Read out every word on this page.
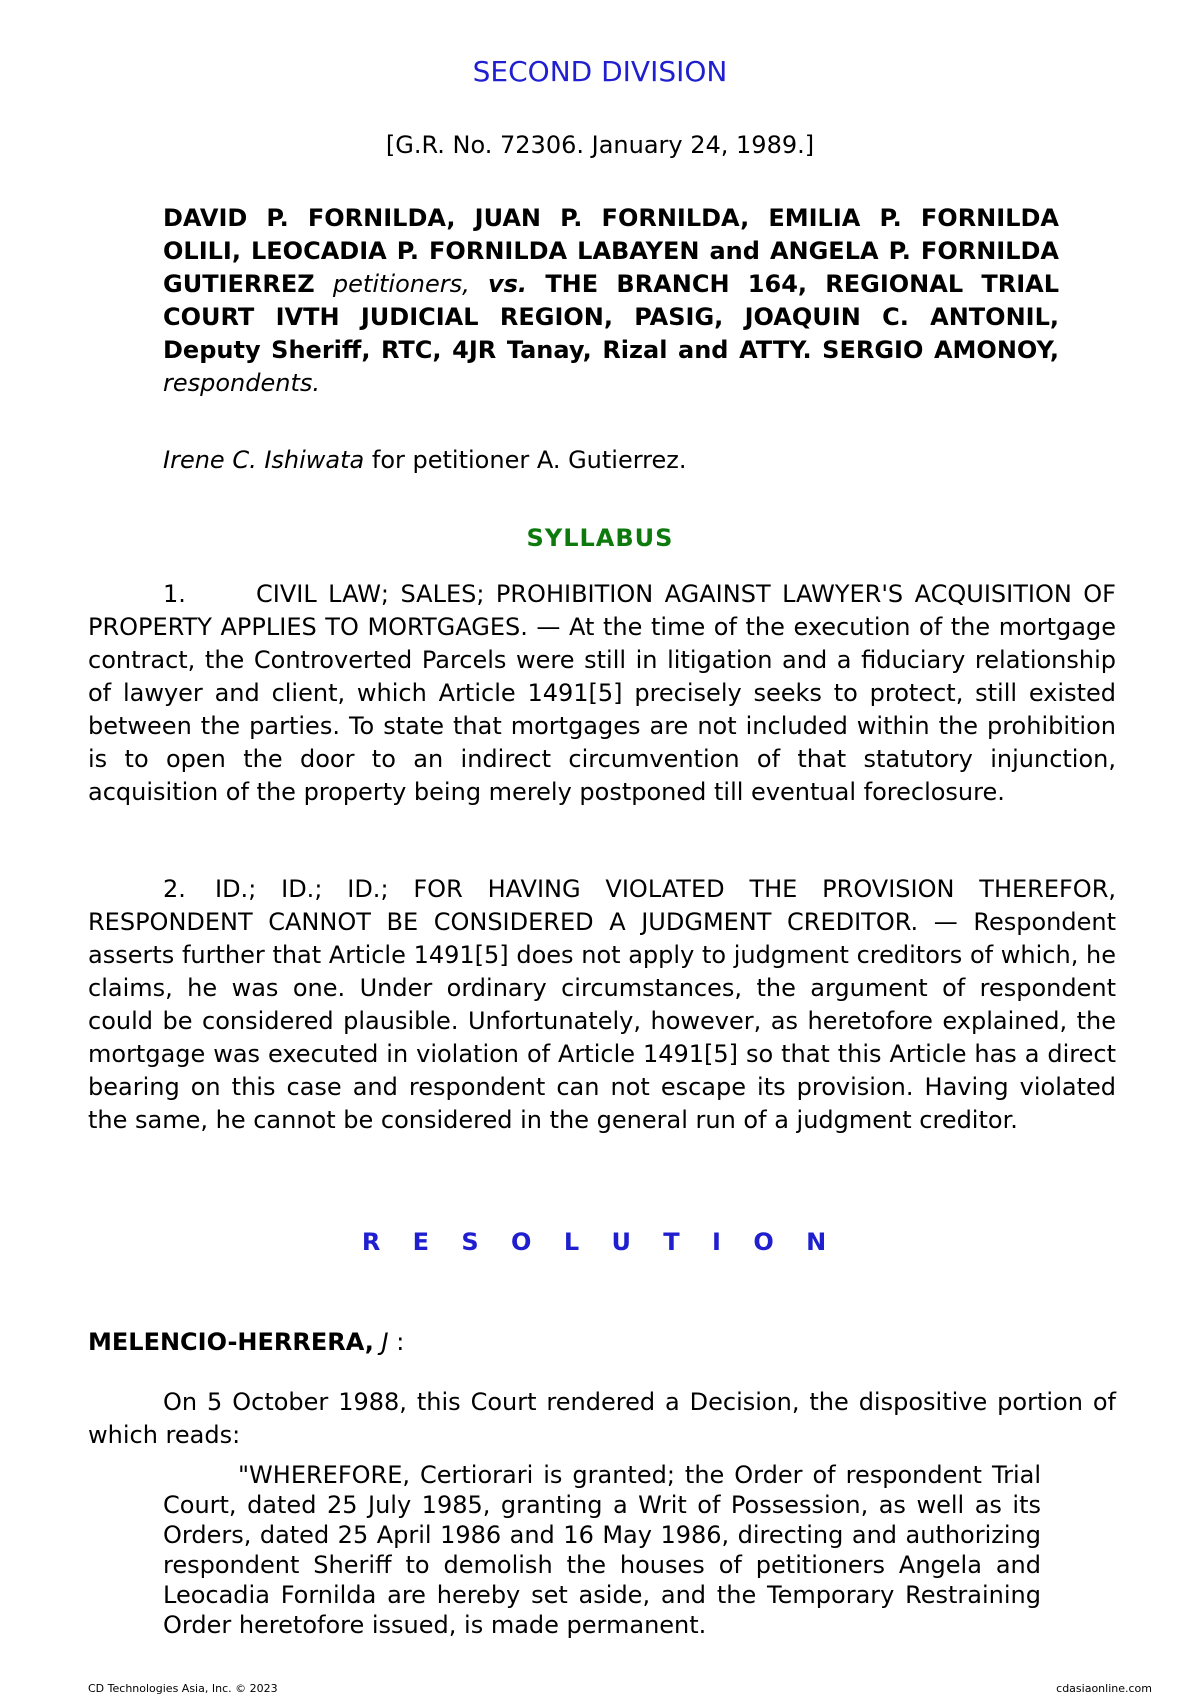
SECOND DIVISION
[G.R. No. 72306. January 24, 1989.]
DAVID P. FORNILDA, JUAN P. FORNILDA, EMILIA P. FORNILDA OLILI, LEOCADIA P. FORNILDA LABAYEN and ANGELA P. FORNILDA GUTIERREZ petitioners, vs. THE BRANCH 164, REGIONAL TRIAL COURT IVTH JUDICIAL REGION, PASIG, JOAQUIN C. ANTONIL, Deputy Sheriff, RTC, 4JR Tanay, Rizal and ATTY. SERGIO AMONOY, respondents.
Irene C. Ishiwata for petitioner A. Gutierrez.
SYLLABUS
1.	CIVIL LAW; SALES; PROHIBITION AGAINST LAWYER'S ACQUISITION OF PROPERTY APPLIES TO MORTGAGES. — At the time of the execution of the mortgage contract, the Controverted Parcels were still in litigation and a fiduciary relationship of lawyer and client, which Article 1491[5] precisely seeks to protect, still existed between the parties. To state that mortgages are not included within the prohibition is to open the door to an indirect circumvention of that statutory injunction, acquisition of the property being merely postponed till eventual foreclosure.
2. ID.; ID.; ID.; FOR HAVING VIOLATED THE PROVISION THEREFOR, RESPONDENT CANNOT BE CONSIDERED A JUDGMENT CREDITOR. — Respondent asserts further that Article 1491[5] does not apply to judgment creditors of which, he claims, he was one. Under ordinary circumstances, the argument of respondent could be considered plausible. Unfortunately, however, as heretofore explained, the mortgage was executed in violation of Article 1491[5] so that this Article has a direct bearing on this case and respondent can not escape its provision. Having violated the same, he cannot be considered in the general run of a judgment creditor.
R E S O L U T I O N
MELENCIO-HERRERA, J :
On 5 October 1988, this Court rendered a Decision, the dispositive portion of which reads:
"WHEREFORE, Certiorari is granted; the Order of respondent Trial Court, dated 25 July 1985, granting a Writ of Possession, as well as its Orders, dated 25 April 1986 and 16 May 1986, directing and authorizing respondent Sheriff to demolish the houses of petitioners Angela and Leocadia Fornilda are hereby set aside, and the Temporary Restraining Order heretofore issued, is made permanent.
CD Technologies Asia, Inc. © 2023	cdasiaonline.com
